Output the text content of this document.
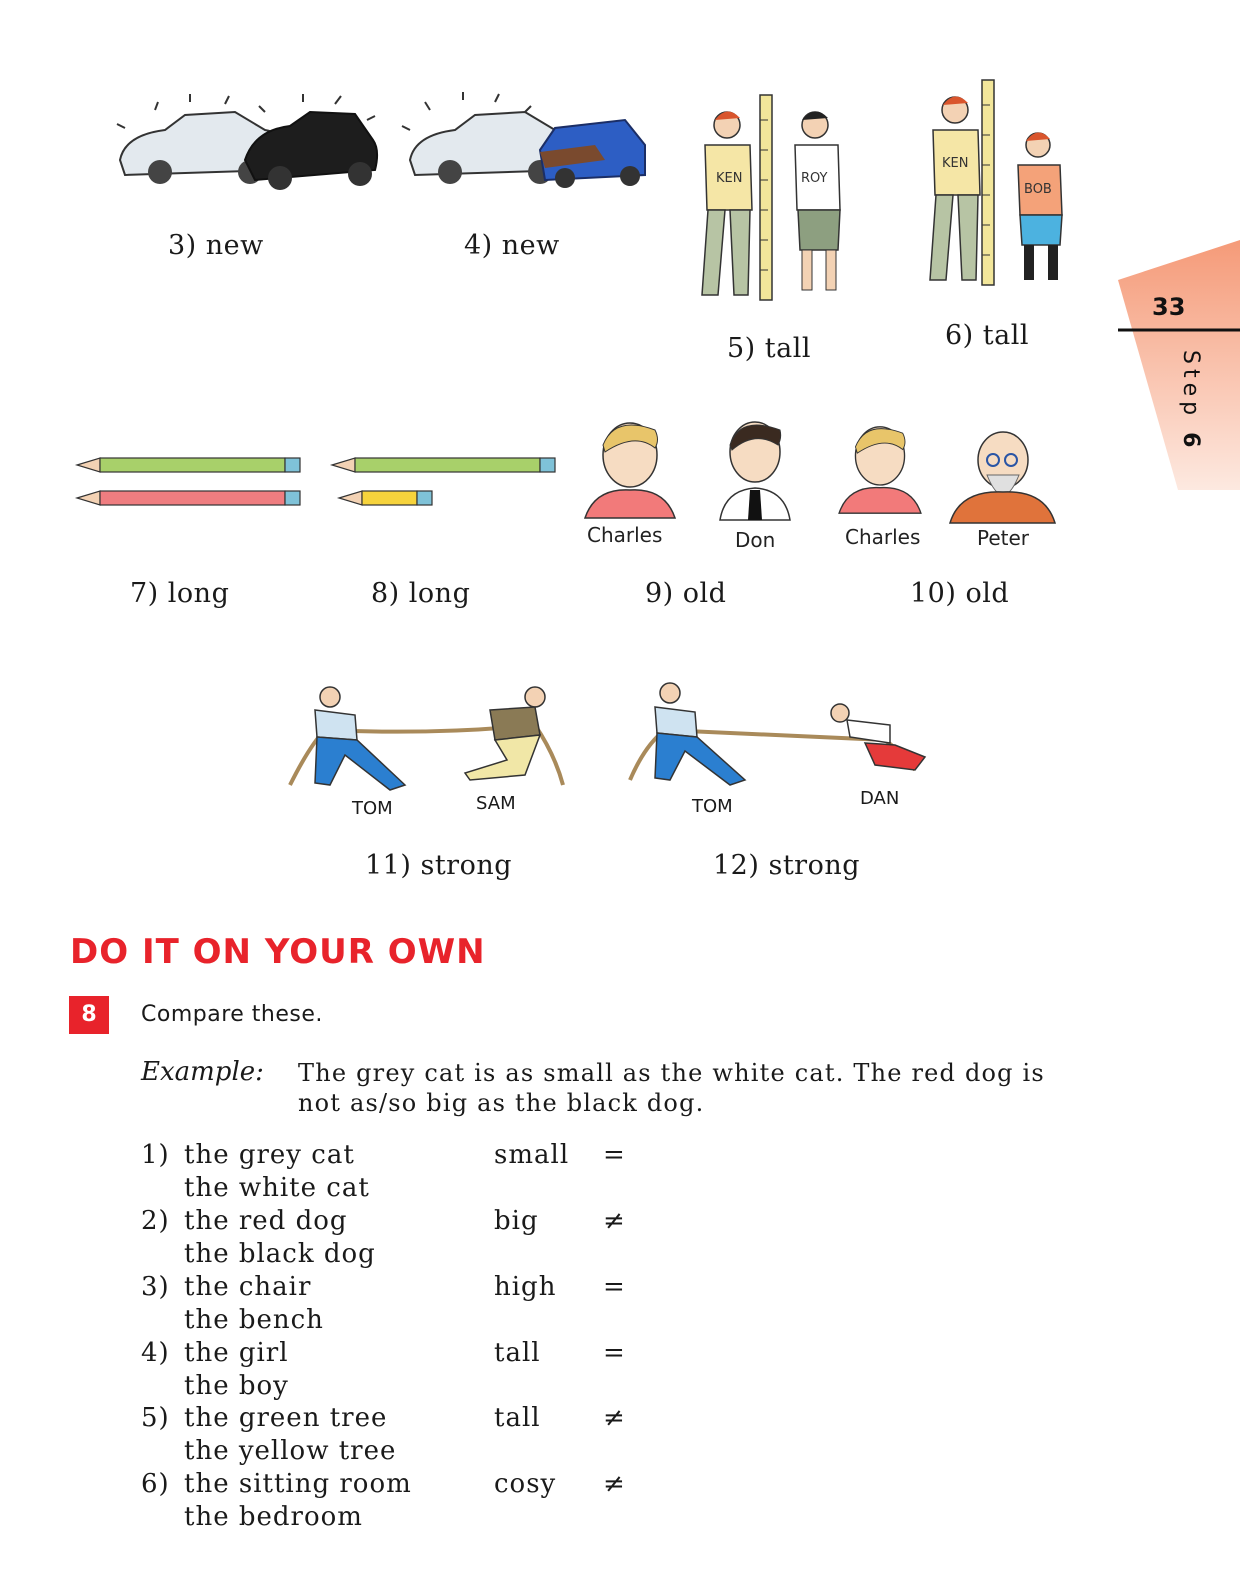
33
Step 6
3) new	4) new
KEN	ROY
KEN
BOB
5) tall	6) tall
7) long	8) long
Charles	Don	Charles	Peter
9) old	10) old
TOM	SAM	TOM	DAN
11) strong	12) strong
DO IT ON YOUR OWN
8	Compare these.
Example: The grey cat is as small as the white cat. The red dog is not as/so big as the black dog.
1) the grey cat
the white cat
small =
2) the red dog
the black dog
big ≠
3) the chair
the bench
high =
4) the girl
the boy
tall =
5) the green tree
the yellow tree
tall ≠
6) the sitting room
the bedroom
cosy ≠
